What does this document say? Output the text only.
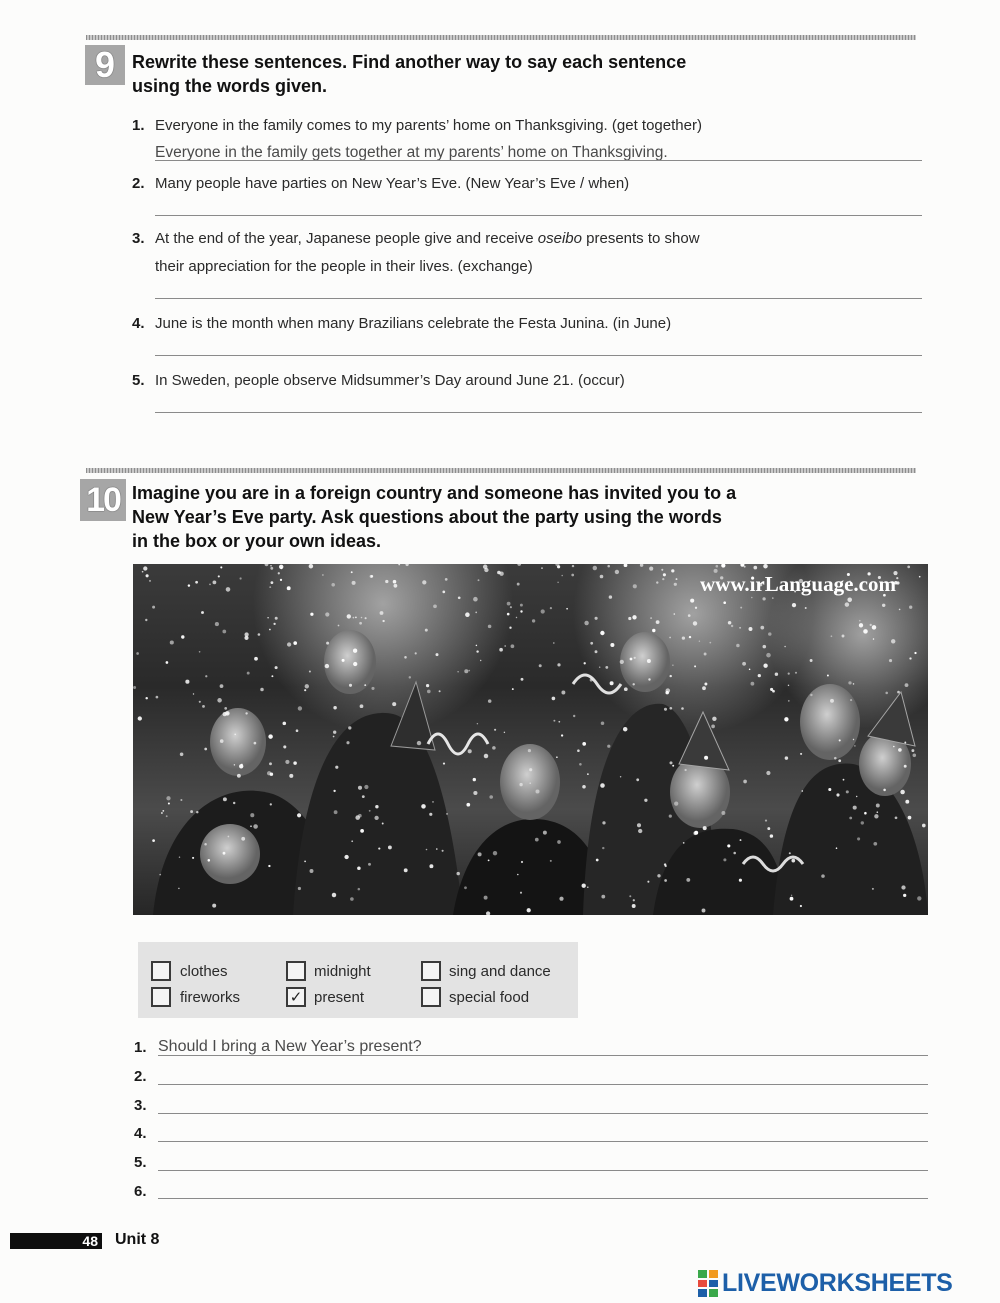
9 Rewrite these sentences. Find another way to say each sentence
using the words given.
1. Everyone in the family comes to my parents’ home on Thanksgiving. (get together)
Everyone in the family gets together at my parents’ home on Thanksgiving.
2. Many people have parties on New Year’s Eve. (New Year’s Eve / when)
3. At the end of the year, Japanese people give and receive oseibo presents to show
their appreciation for the people in their lives. (exchange)
4. June is the month when many Brazilians celebrate the Festa Junina. (in June)
5. In Sweden, people observe Midsummer’s Day around June 21. (occur)
10 Imagine you are in a foreign country and someone has invited you to a
New Year’s Eve party. Ask questions about the party using the words
in the box or your own ideas.
www.irLanguage.com
clothes
fireworks
midnight
✓
present
sing and dance
special food
1. Should I bring a New Year’s present?
2.
3.
4.
5.
6.
48 Unit 8
LIVEWORKSHEETS
